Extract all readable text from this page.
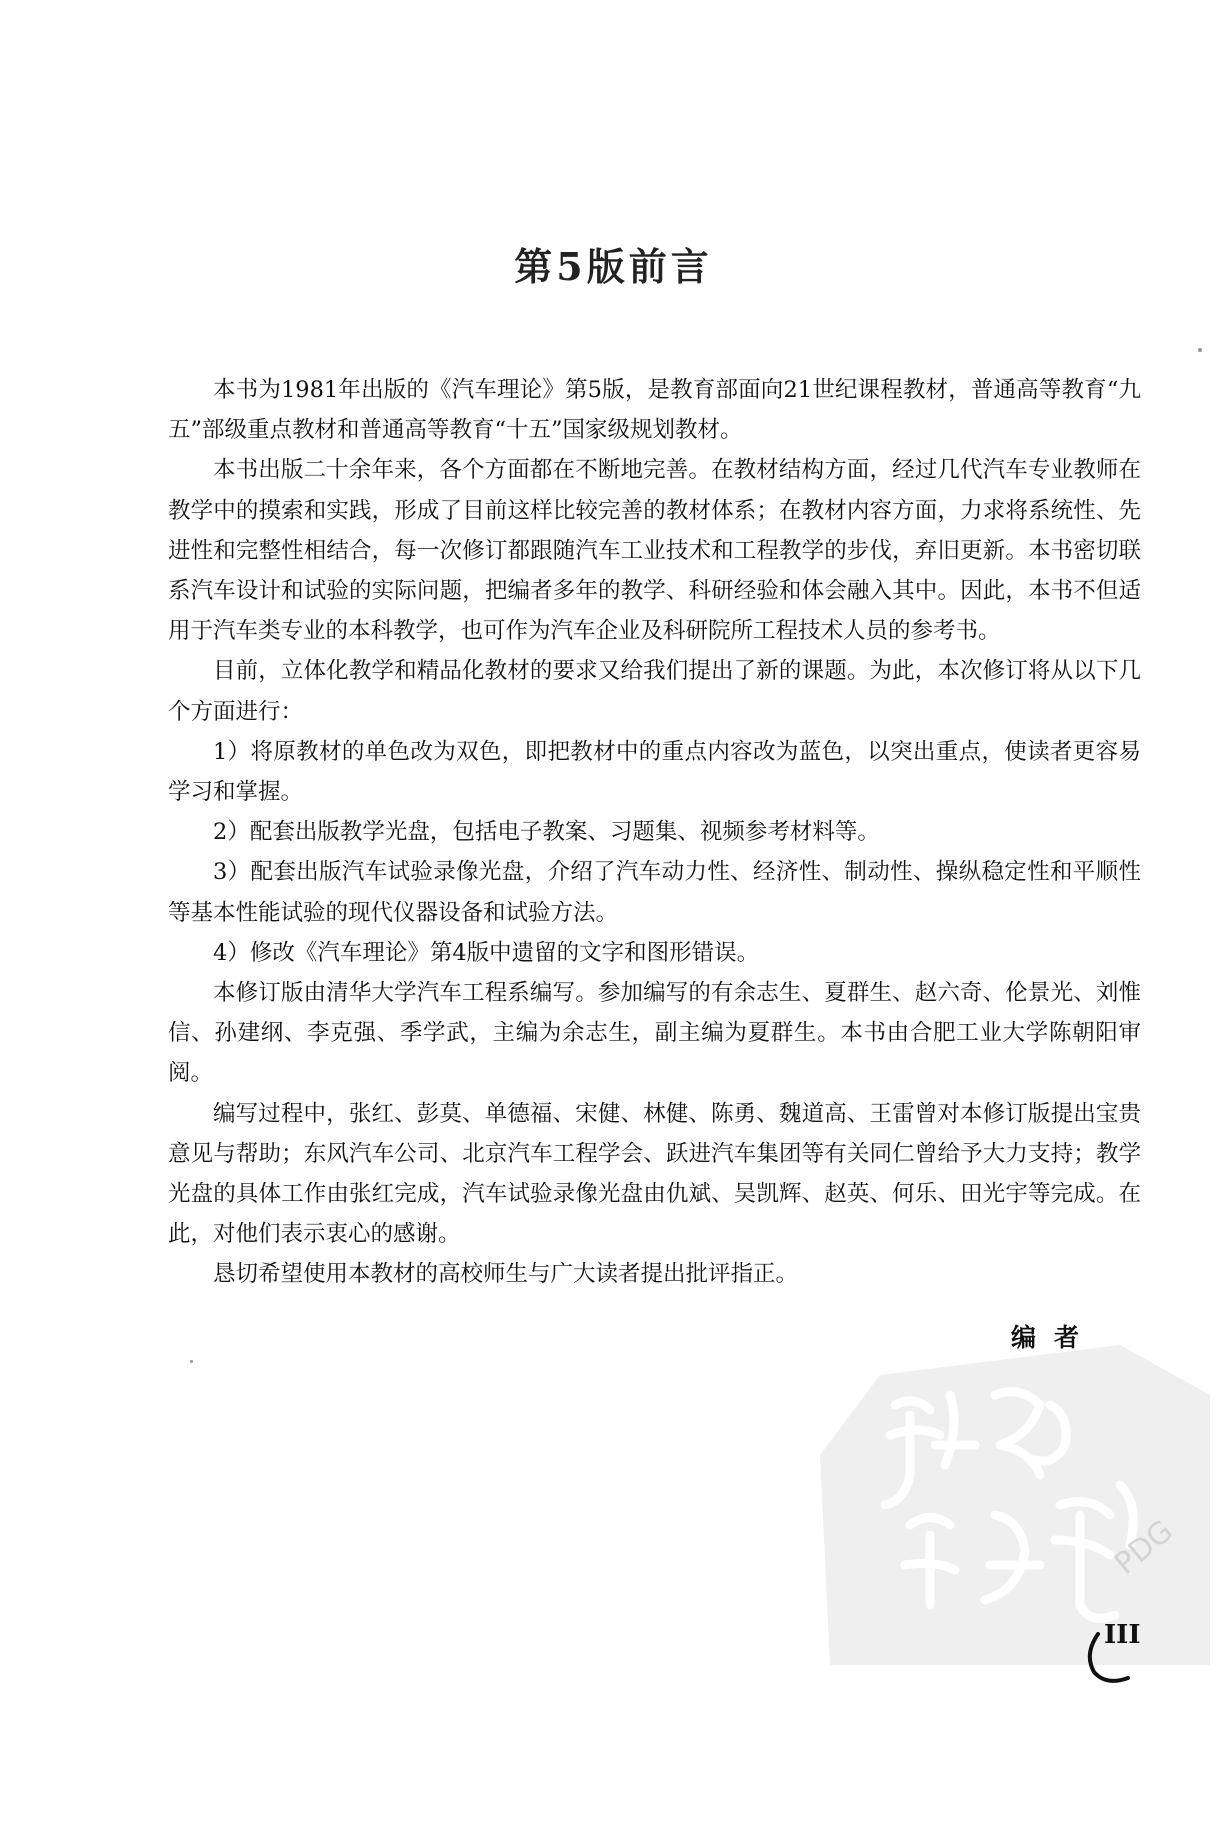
第5版前言

本书为1981年出版的《汽车理论》第5版，是教育部面向21世纪课程教材，普通高等教育“九五”部级重点教材和普通高等教育“十五”国家级规划教材。

本书出版二十余年来，各个方面都在不断地完善。在教材结构方面，经过几代汽车专业教师在教学中的摸索和实践，形成了目前这样比较完善的教材体系；在教材内容方面，力求将系统性、先进性和完整性相结合，每一次修订都跟随汽车工业技术和工程教学的步伐，弃旧更新。本书密切联系汽车设计和试验的实际问题，把编者多年的教学、科研经验和体会融入其中。因此，本书不但适用于汽车类专业的本科教学，也可作为汽车企业及科研院所工程技术人员的参考书。

目前，立体化教学和精品化教材的要求又给我们提出了新的课题。为此，本次修订将从以下几个方面进行：

1）将原教材的单色改为双色，即把教材中的重点内容改为蓝色，以突出重点，使读者更容易学习和掌握。

2）配套出版教学光盘，包括电子教案、习题集、视频参考材料等。

3）配套出版汽车试验录像光盘，介绍了汽车动力性、经济性、制动性、操纵稳定性和平顺性等基本性能试验的现代仪器设备和试验方法。

4）修改《汽车理论》第4版中遗留的文字和图形错误。

本修订版由清华大学汽车工程系编写。参加编写的有余志生、夏群生、赵六奇、伦景光、刘惟信、孙建纲、李克强、季学武，主编为余志生，副主编为夏群生。本书由合肥工业大学陈朝阳审阅。

编写过程中，张红、彭莫、单德福、宋健、林健、陈勇、魏道高、王雷曾对本修订版提出宝贵意见与帮助；东风汽车公司、北京汽车工程学会、跃进汽车集团等有关同仁曾给予大力支持；教学光盘的具体工作由张红完成，汽车试验录像光盘由仇斌、吴凯辉、赵英、何乐、田光宇等完成。在此，对他们表示衷心的感谢。

恳切希望使用本教材的高校师生与广大读者提出批评指正。

编者
PDG
III
